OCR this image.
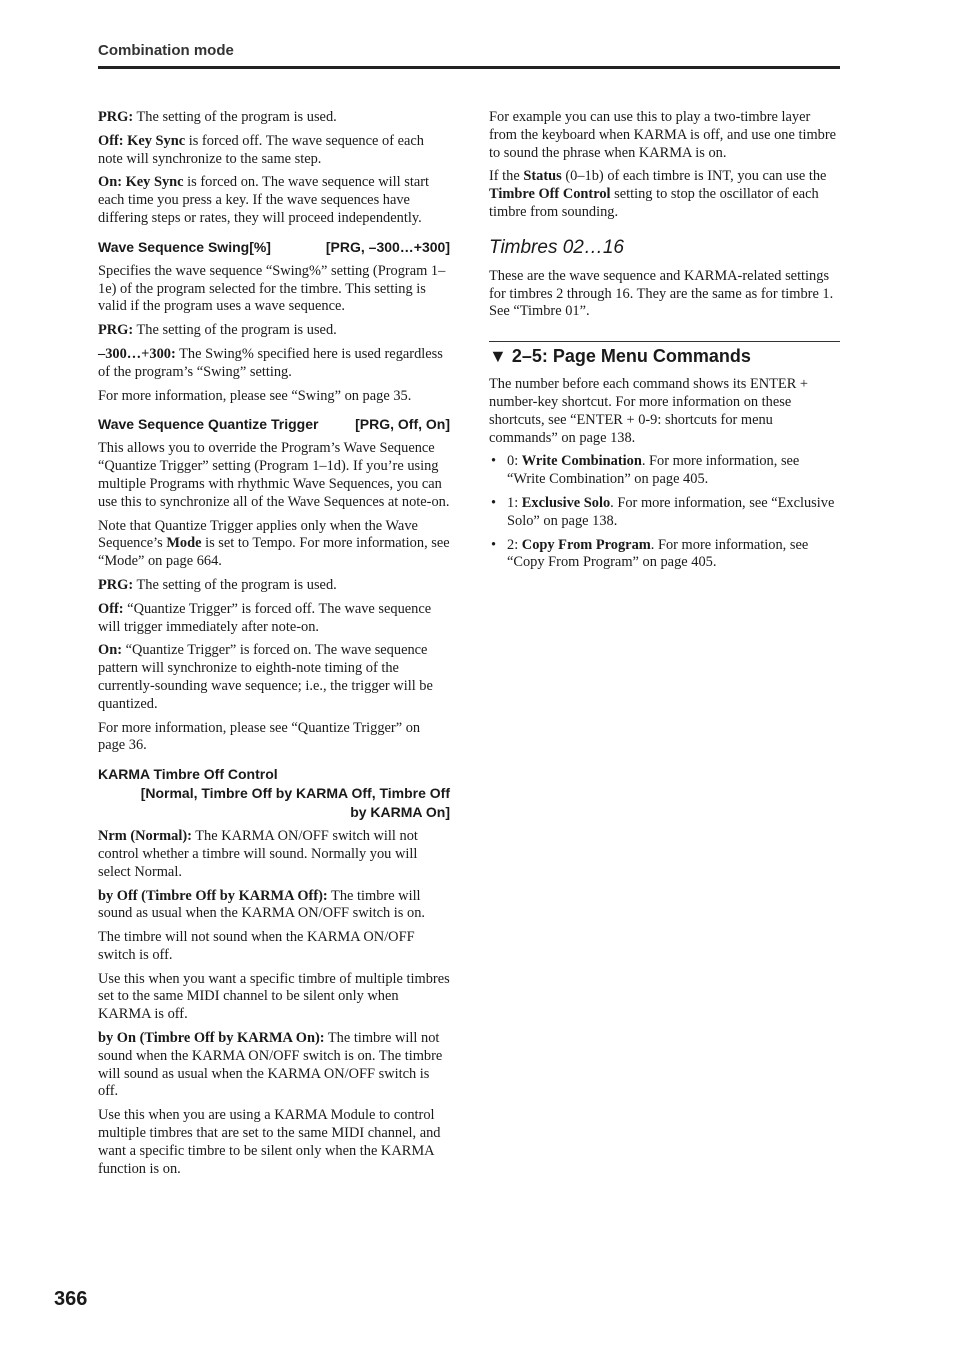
Combination mode

PRG: The setting of the program is used.

Off: Key Sync is forced off. The wave sequence of each note will synchronize to the same step.

On: Key Sync is forced on. The wave sequence will start each time you press a key. If the wave sequences have differing steps or rates, they will proceed independently.

Wave Sequence Swing[%]	[PRG, –300…+300]

Specifies the wave sequence “Swing%” setting (Program 1–1e) of the program selected for the timbre. This setting is valid if the program uses a wave sequence.

PRG: The setting of the program is used.

–300…+300: The Swing% specified here is used regardless of the program’s “Swing” setting.

For more information, please see “Swing” on page 35.

Wave Sequence Quantize Trigger	[PRG, Off, On]

This allows you to override the Program’s Wave Sequence “Quantize Trigger” setting (Program 1–1d). If you’re using multiple Programs with rhythmic Wave Sequences, you can use this to synchronize all of the Wave Sequences at note-on.

Note that Quantize Trigger applies only when the Wave Sequence’s Mode is set to Tempo. For more information, see “Mode” on page 664.

PRG: The setting of the program is used.

Off: “Quantize Trigger” is forced off. The wave sequence will trigger immediately after note-on.

On: “Quantize Trigger” is forced on. The wave sequence pattern will synchronize to eighth-note timing of the currently-sounding wave sequence; i.e., the trigger will be quantized.

For more information, please see “Quantize Trigger” on page 36.

KARMA Timbre Off Control
[Normal, Timbre Off by KARMA Off, Timbre Off
by KARMA On]

Nrm (Normal): The KARMA ON/OFF switch will not control whether a timbre will sound. Normally you will select Normal.

by Off (Timbre Off by KARMA Off): The timbre will sound as usual when the KARMA ON/OFF switch is on.

The timbre will not sound when the KARMA ON/OFF switch is off.

Use this when you want a specific timbre of multiple timbres set to the same MIDI channel to be silent only when KARMA is off.

by On (Timbre Off by KARMA On): The timbre will not sound when the KARMA ON/OFF switch is on. The timbre will sound as usual when the KARMA ON/OFF switch is off.

Use this when you are using a KARMA Module to control multiple timbres that are set to the same MIDI channel, and want a specific timbre to be silent only when the KARMA function is on.

For example you can use this to play a two-timbre layer from the keyboard when KARMA is off, and use one timbre to sound the phrase when KARMA is on.

If the Status (0–1b) of each timbre is INT, you can use the Timbre Off Control setting to stop the oscillator of each timbre from sounding.

Timbres 02…16

These are the wave sequence and KARMA-related settings for timbres 2 through 16. They are the same as for timbre 1. See “Timbre 01”.

▼ 2–5: Page Menu Commands

The number before each command shows its ENTER + number-key shortcut. For more information on these shortcuts, see “ENTER + 0-9: shortcuts for menu commands” on page 138.

• 0: Write Combination. For more information, see “Write Combination” on page 405.
• 1: Exclusive Solo. For more information, see “Exclusive Solo” on page 138.
• 2: Copy From Program. For more information, see “Copy From Program” on page 405.
366
